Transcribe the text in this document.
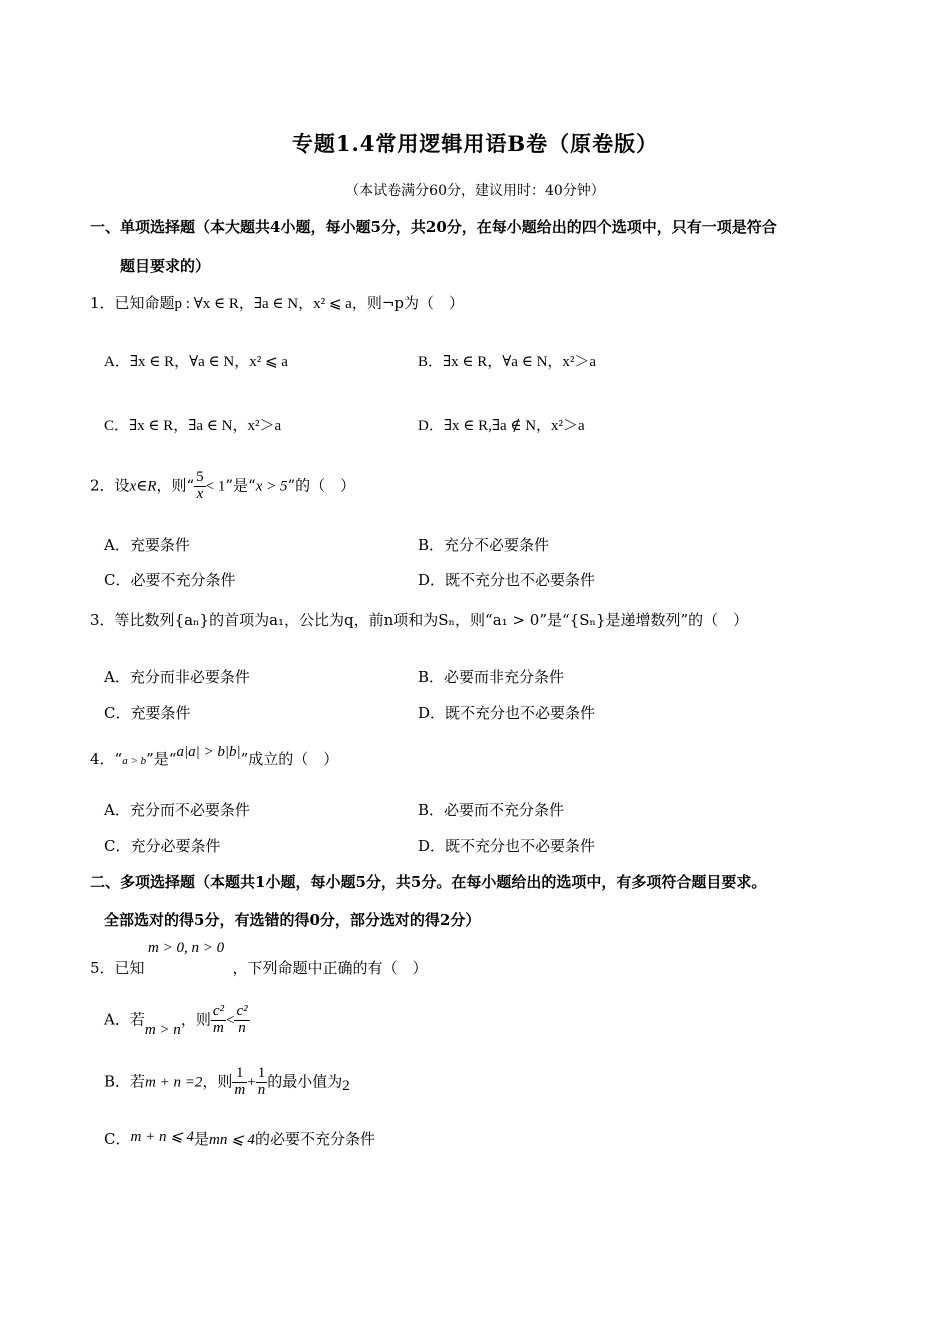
专题1.4常用逻辑用语B卷（原卷版）
（本试卷满分60分，建议用时：40分钟）
一、单项选择题（本大题共4小题，每小题5分，共20分，在每小题给出的四个选项中，只有一项是符合
题目要求的）
1．已知命题p : ∀x ∈ R，∃a ∈ N，x² ⩽ a，则¬p为（　）
A．∃x ∈ R，∀a ∈ N，x² ⩽ a	B．∃x ∈ R，∀a ∈ N，x²＞a
C．∃x ∈ R，∃a ∈ N，x²＞a	D．∃x ∈ R,∃a ∉ N，x²＞a
2．设x∈R，则“ $\frac{5}{x} < 1$”是“x > 5”的（　）
A．充要条件	B．充分不必要条件
C．必要不充分条件	D．既不充分也不必要条件
3．等比数列{aₙ}的首项为a₁，公比为q，前n项和为Sₙ，则“a₁ > 0”是“{Sₙ}是递增数列”的（　）
A．充分而非必要条件	B．必要而非充分条件
C．充要条件	D．既不充分也不必要条件
4．“a > b”是“a|a| > b|b|”成立的（　）
A．充分而不必要条件	B．必要而不充分条件
C．充分必要条件	D．既不充分也不必要条件
二、多项选择题（本题共1小题，每小题5分，共5分。在每小题给出的选项中，有多项符合题目要求。
全部选对的得5分，有选错的得0分，部分选对的得2分）
m > 0, n > 0
5．已知	，下列命题中正确的有（　）
A．若m > n，则 $\frac{\text{c²}}{m} < \frac{\text{c²}}{n}$
B．若m + n =2，则 $\frac{1}{m} + \frac{1}{n}$ 的最小值为2
C．m + n ⩽ 4是mn ⩽ 4的必要不充分条件
